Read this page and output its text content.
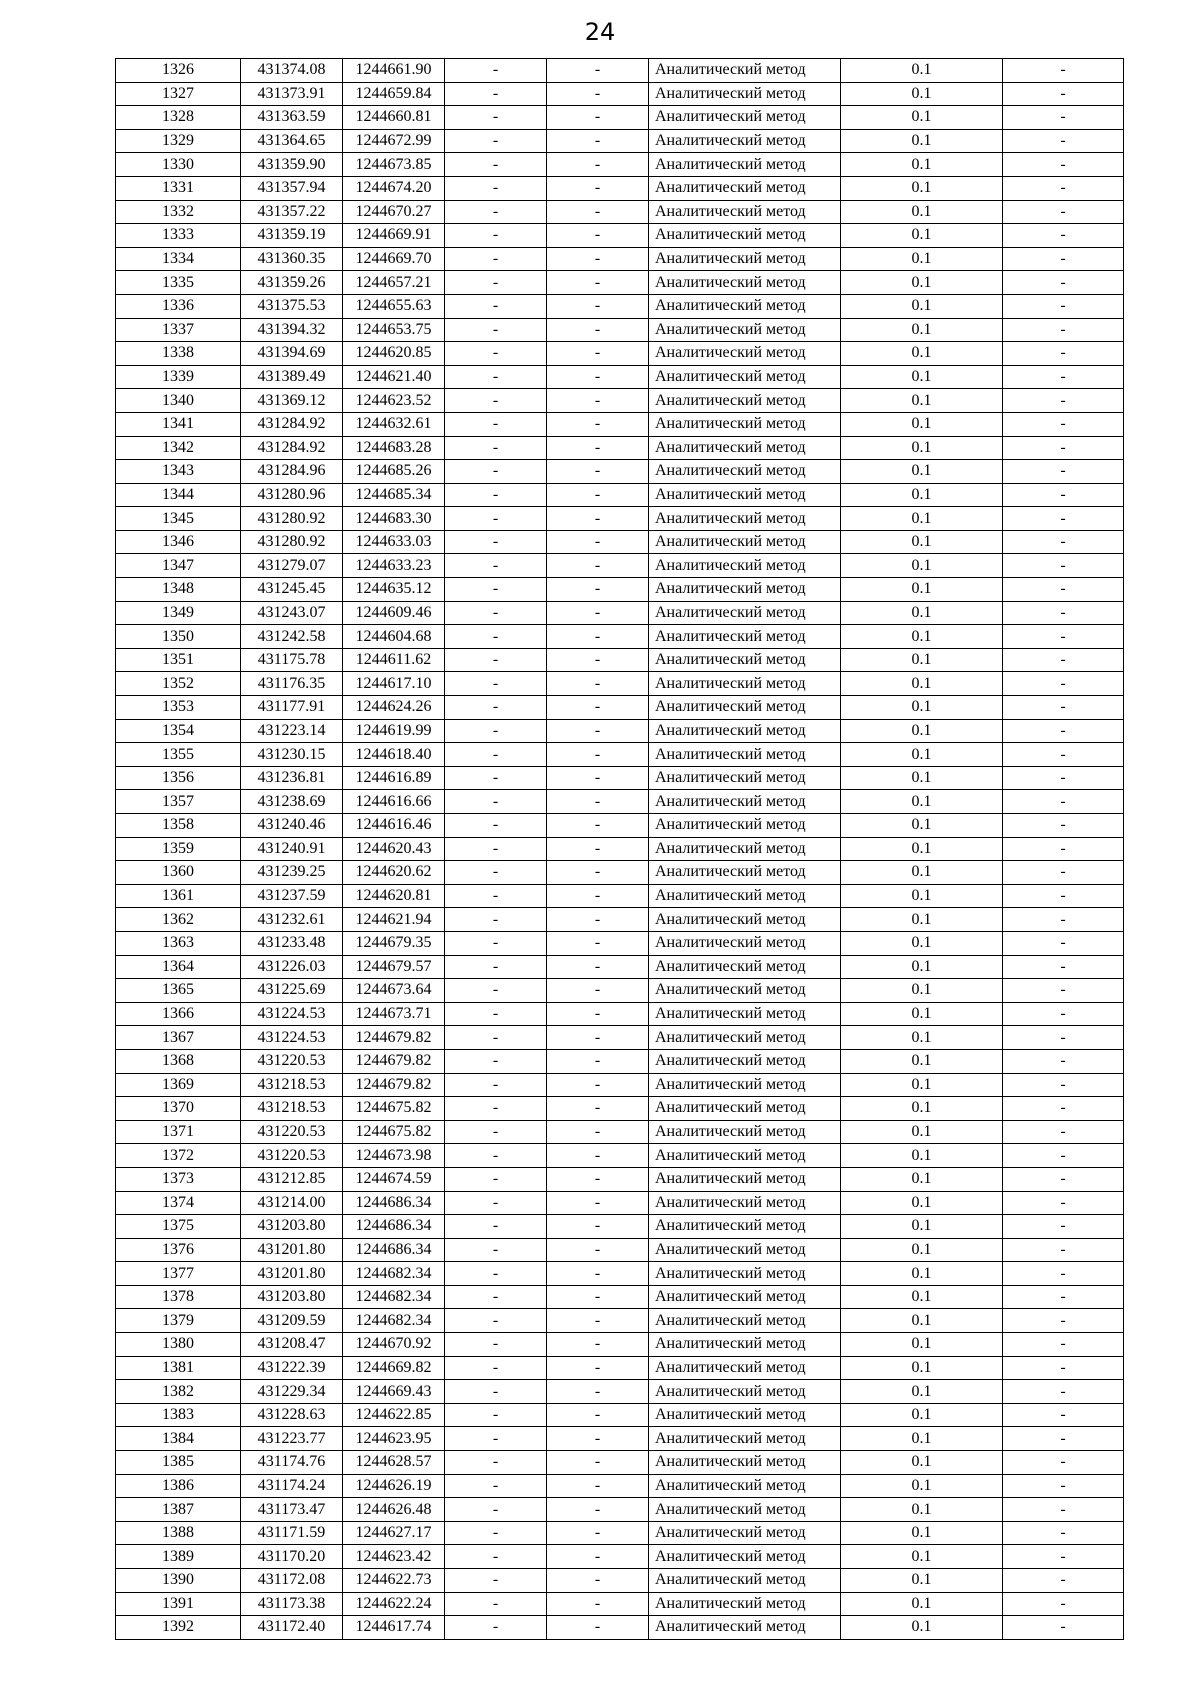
24
1326	431374.08	1244661.90	-	-	Аналитический метод	0.1	-
1327	431373.91	1244659.84	-	-	Аналитический метод	0.1	-
1328	431363.59	1244660.81	-	-	Аналитический метод	0.1	-
1329	431364.65	1244672.99	-	-	Аналитический метод	0.1	-
1330	431359.90	1244673.85	-	-	Аналитический метод	0.1	-
1331	431357.94	1244674.20	-	-	Аналитический метод	0.1	-
1332	431357.22	1244670.27	-	-	Аналитический метод	0.1	-
1333	431359.19	1244669.91	-	-	Аналитический метод	0.1	-
1334	431360.35	1244669.70	-	-	Аналитический метод	0.1	-
1335	431359.26	1244657.21	-	-	Аналитический метод	0.1	-
1336	431375.53	1244655.63	-	-	Аналитический метод	0.1	-
1337	431394.32	1244653.75	-	-	Аналитический метод	0.1	-
1338	431394.69	1244620.85	-	-	Аналитический метод	0.1	-
1339	431389.49	1244621.40	-	-	Аналитический метод	0.1	-
1340	431369.12	1244623.52	-	-	Аналитический метод	0.1	-
1341	431284.92	1244632.61	-	-	Аналитический метод	0.1	-
1342	431284.92	1244683.28	-	-	Аналитический метод	0.1	-
1343	431284.96	1244685.26	-	-	Аналитический метод	0.1	-
1344	431280.96	1244685.34	-	-	Аналитический метод	0.1	-
1345	431280.92	1244683.30	-	-	Аналитический метод	0.1	-
1346	431280.92	1244633.03	-	-	Аналитический метод	0.1	-
1347	431279.07	1244633.23	-	-	Аналитический метод	0.1	-
1348	431245.45	1244635.12	-	-	Аналитический метод	0.1	-
1349	431243.07	1244609.46	-	-	Аналитический метод	0.1	-
1350	431242.58	1244604.68	-	-	Аналитический метод	0.1	-
1351	431175.78	1244611.62	-	-	Аналитический метод	0.1	-
1352	431176.35	1244617.10	-	-	Аналитический метод	0.1	-
1353	431177.91	1244624.26	-	-	Аналитический метод	0.1	-
1354	431223.14	1244619.99	-	-	Аналитический метод	0.1	-
1355	431230.15	1244618.40	-	-	Аналитический метод	0.1	-
1356	431236.81	1244616.89	-	-	Аналитический метод	0.1	-
1357	431238.69	1244616.66	-	-	Аналитический метод	0.1	-
1358	431240.46	1244616.46	-	-	Аналитический метод	0.1	-
1359	431240.91	1244620.43	-	-	Аналитический метод	0.1	-
1360	431239.25	1244620.62	-	-	Аналитический метод	0.1	-
1361	431237.59	1244620.81	-	-	Аналитический метод	0.1	-
1362	431232.61	1244621.94	-	-	Аналитический метод	0.1	-
1363	431233.48	1244679.35	-	-	Аналитический метод	0.1	-
1364	431226.03	1244679.57	-	-	Аналитический метод	0.1	-
1365	431225.69	1244673.64	-	-	Аналитический метод	0.1	-
1366	431224.53	1244673.71	-	-	Аналитический метод	0.1	-
1367	431224.53	1244679.82	-	-	Аналитический метод	0.1	-
1368	431220.53	1244679.82	-	-	Аналитический метод	0.1	-
1369	431218.53	1244679.82	-	-	Аналитический метод	0.1	-
1370	431218.53	1244675.82	-	-	Аналитический метод	0.1	-
1371	431220.53	1244675.82	-	-	Аналитический метод	0.1	-
1372	431220.53	1244673.98	-	-	Аналитический метод	0.1	-
1373	431212.85	1244674.59	-	-	Аналитический метод	0.1	-
1374	431214.00	1244686.34	-	-	Аналитический метод	0.1	-
1375	431203.80	1244686.34	-	-	Аналитический метод	0.1	-
1376	431201.80	1244686.34	-	-	Аналитический метод	0.1	-
1377	431201.80	1244682.34	-	-	Аналитический метод	0.1	-
1378	431203.80	1244682.34	-	-	Аналитический метод	0.1	-
1379	431209.59	1244682.34	-	-	Аналитический метод	0.1	-
1380	431208.47	1244670.92	-	-	Аналитический метод	0.1	-
1381	431222.39	1244669.82	-	-	Аналитический метод	0.1	-
1382	431229.34	1244669.43	-	-	Аналитический метод	0.1	-
1383	431228.63	1244622.85	-	-	Аналитический метод	0.1	-
1384	431223.77	1244623.95	-	-	Аналитический метод	0.1	-
1385	431174.76	1244628.57	-	-	Аналитический метод	0.1	-
1386	431174.24	1244626.19	-	-	Аналитический метод	0.1	-
1387	431173.47	1244626.48	-	-	Аналитический метод	0.1	-
1388	431171.59	1244627.17	-	-	Аналитический метод	0.1	-
1389	431170.20	1244623.42	-	-	Аналитический метод	0.1	-
1390	431172.08	1244622.73	-	-	Аналитический метод	0.1	-
1391	431173.38	1244622.24	-	-	Аналитический метод	0.1	-
1392	431172.40	1244617.74	-	-	Аналитический метод	0.1	-
